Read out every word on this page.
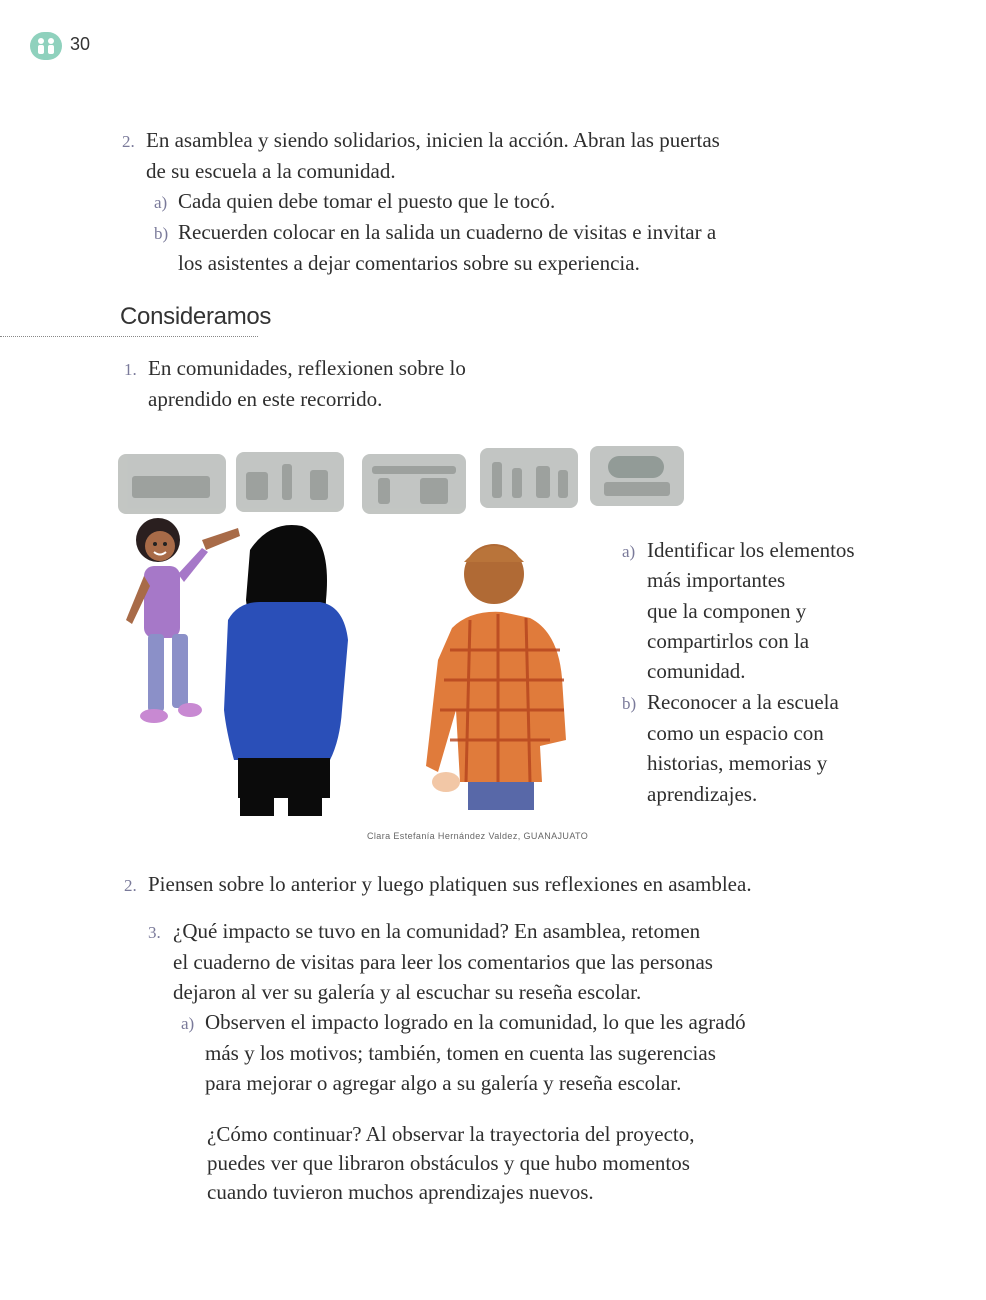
30
2. En asamblea y siendo solidarios, inicien la acción. Abran las puertas
de su escuela a la comunidad.
a) Cada quien debe tomar el puesto que le tocó.
b) Recuerden colocar en la salida un cuaderno de visitas e invitar a
los asistentes a dejar comentarios sobre su experiencia.
Consideramos
1. En comunidades, reflexionen sobre lo
aprendido en este recorrido.
Clara Estefanía Hernández Valdez, GUANAJUATO
a) Identificar los elementos
más importantes
que la componen y
compartirlos con la
comunidad.
b) Reconocer a la escuela
como un espacio con
historias, memorias y
aprendizajes.
2. Piensen sobre lo anterior y luego platiquen sus reflexiones en asamblea.
3. ¿Qué impacto se tuvo en la comunidad? En asamblea, retomen
el cuaderno de visitas para leer los comentarios que las personas
dejaron al ver su galería y al escuchar su reseña escolar.
a) Observen el impacto logrado en la comunidad, lo que les agradó
más y los motivos; también, tomen en cuenta las sugerencias
para mejorar o agregar algo a su galería y reseña escolar.
¿Cómo continuar? Al observar la trayectoria del proyecto,
puedes ver que libraron obstáculos y que hubo momentos
cuando tuvieron muchos aprendizajes nuevos.
